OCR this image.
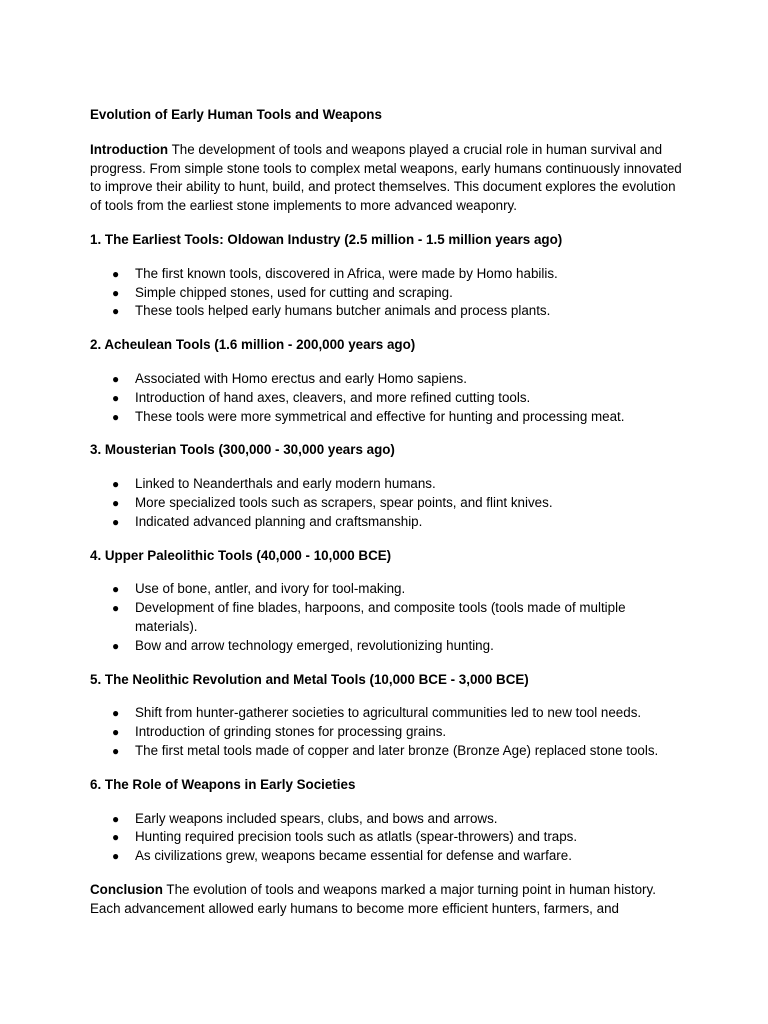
Evolution of Early Human Tools and Weapons

Introduction The development of tools and weapons played a crucial role in human survival and progress. From simple stone tools to complex metal weapons, early humans continuously innovated to improve their ability to hunt, build, and protect themselves. This document explores the evolution of tools from the earliest stone implements to more advanced weaponry.

1. The Earliest Tools: Oldowan Industry (2.5 million - 1.5 million years ago)

● The first known tools, discovered in Africa, were made by Homo habilis.
● Simple chipped stones, used for cutting and scraping.
● These tools helped early humans butcher animals and process plants.

2. Acheulean Tools (1.6 million - 200,000 years ago)

● Associated with Homo erectus and early Homo sapiens.
● Introduction of hand axes, cleavers, and more refined cutting tools.
● These tools were more symmetrical and effective for hunting and processing meat.

3. Mousterian Tools (300,000 - 30,000 years ago)

● Linked to Neanderthals and early modern humans.
● More specialized tools such as scrapers, spear points, and flint knives.
● Indicated advanced planning and craftsmanship.

4. Upper Paleolithic Tools (40,000 - 10,000 BCE)

● Use of bone, antler, and ivory for tool-making.
● Development of fine blades, harpoons, and composite tools (tools made of multiple materials).
● Bow and arrow technology emerged, revolutionizing hunting.

5. The Neolithic Revolution and Metal Tools (10,000 BCE - 3,000 BCE)

● Shift from hunter-gatherer societies to agricultural communities led to new tool needs.
● Introduction of grinding stones for processing grains.
● The first metal tools made of copper and later bronze (Bronze Age) replaced stone tools.

6. The Role of Weapons in Early Societies

● Early weapons included spears, clubs, and bows and arrows.
● Hunting required precision tools such as atlatls (spear-throwers) and traps.
● As civilizations grew, weapons became essential for defense and warfare.

Conclusion The evolution of tools and weapons marked a major turning point in human history. Each advancement allowed early humans to become more efficient hunters, farmers, and
